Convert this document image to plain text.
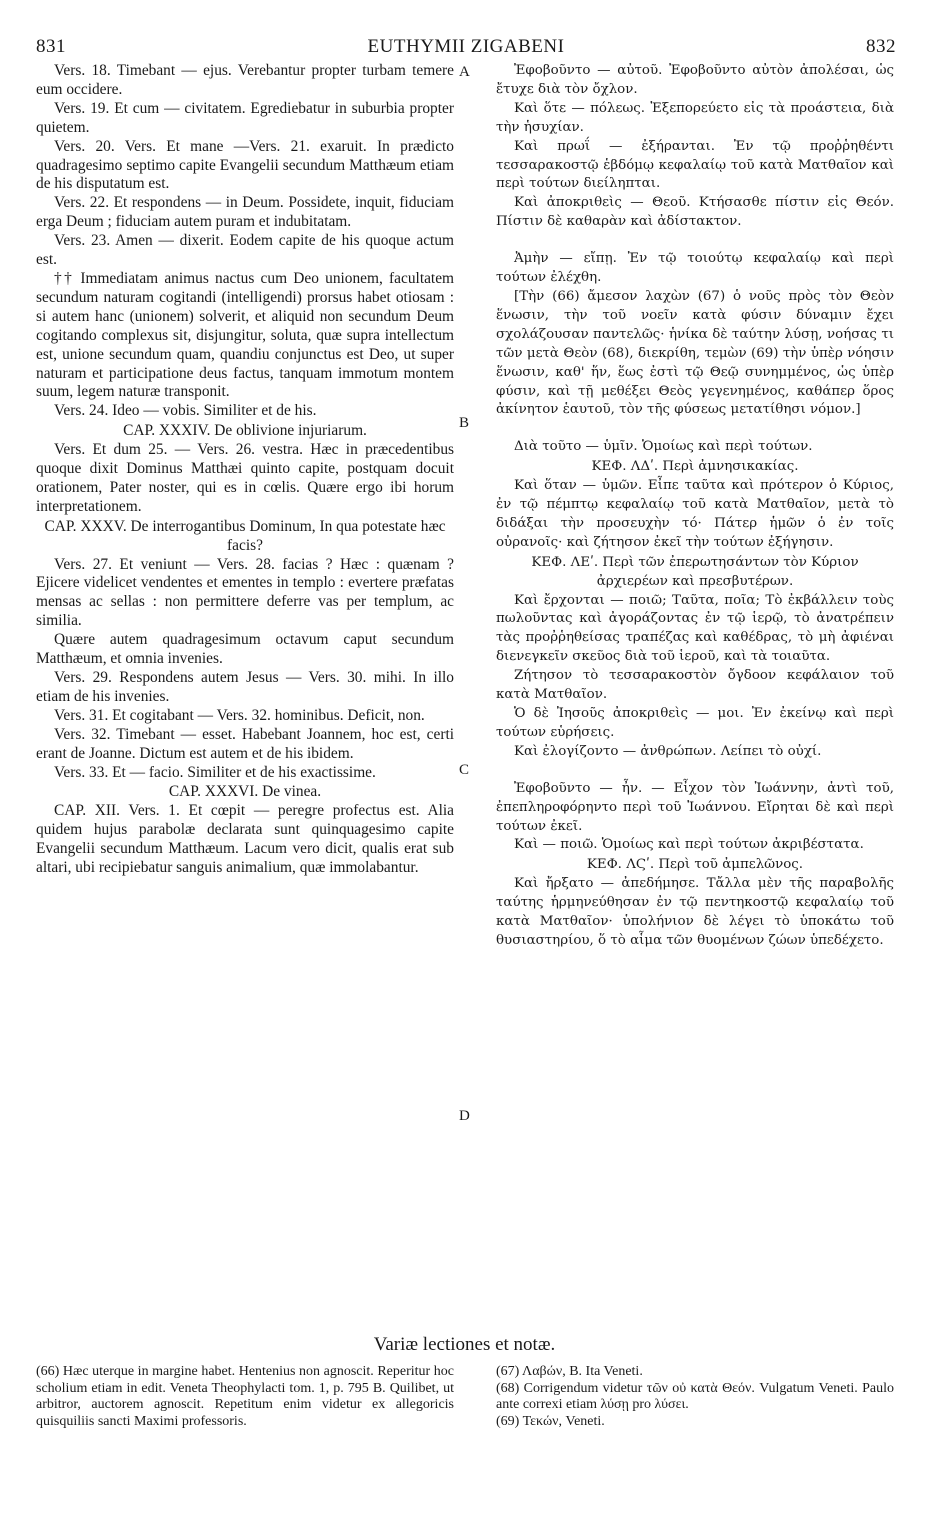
831	EUTHYMII ZIGABENI	832
A
B
C
D

Vers. 18. Timebant — ejus. Verebantur propter turbam temere eum occidere.

Vers. 19. Et cum — civitatem. Egrediebatur in suburbia propter quietem.

Vers. 20. Vers. Et mane —Vers. 21. exaruit. In prædicto quadragesimo septimo capite Evangelii secundum Matthæum etiam de his disputatum est.

Vers. 22. Et respondens — in Deum. Possidete, inquit, fiduciam erga Deum ; fiduciam autem puram et indubitatam.

Vers. 23. Amen — dixerit. Eodem capite de his quoque actum est.

†† Immediatam animus nactus cum Deo unionem, facultatem secundum naturam cogitandi (intelligendi) prorsus habet otiosam : si autem hanc (unionem) solverit, et aliquid non secundum Deum cogitando complexus sit, disjungitur, soluta, quæ supra intellectum est, unione secundum quam, quandiu conjunctus est Deo, ut super naturam et participatione deus factus, tanquam immotum montem suum, legem naturæ transponit.

Vers. 24. Ideo — vobis. Similiter et de his.

CAP. XXXIV. De oblivione injuriarum.

Vers. Et dum 25. — Vers. 26. vestra. Hæc in præcedentibus quoque dixit Dominus Matthæi quinto capite, postquam docuit orationem, Pater noster, qui es in cœlis. Quære ergo ibi horum interpretationem.

CAP. XXXV. De interrogantibus Dominum, In qua potestate hæc facis?

Vers. 27. Et veniunt — Vers. 28. facias ? Hæc : quænam ? Ejicere videlicet vendentes et ementes in templo : evertere præfatas mensas ac sellas : non permittere deferre vas per templum, ac similia.

Quære autem quadragesimum octavum caput secundum Matthæum, et omnia invenies.

Vers. 29. Respondens autem Jesus — Vers. 30. mihi. In illo etiam de his invenies.

Vers. 31. Et cogitabant — Vers. 32. hominibus. Deficit, non.

Vers. 32. Timebant — esset. Habebant Joannem, hoc est, certi erant de Joanne. Dictum est autem et de his ibidem.

Vers. 33. Et — facio. Similiter et de his exactissime.

CAP. XXXVI. De vinea.

CAP. XII. Vers. 1. Et cœpit — peregre profectus est. Alia quidem hujus parabolæ declarata sunt quinquagesimo capite Evangelii secundum Matthæum. Lacum vero dicit, qualis erat sub altari, ubi recipiebatur sanguis animalium, quæ immolabantur.

Ἐφοβοῦντο — αὐτοῦ. Ἐφοβοῦντο αὐτὸν ἀπολέσαι, ὡς ἔτυχε διὰ τὸν ὄχλον.

Καὶ ὅτε — πόλεως. Ἐξεπορεύετο εἰς τὰ προάστεια, διὰ τὴν ἡσυχίαν.

Καὶ πρωΐ — ἐξήρανται. Ἐν τῷ προῤῥηθέντι τεσσαρακοστῷ ἑβδόμῳ κεφαλαίῳ τοῦ κατὰ Ματθαῖον καὶ περὶ τούτων διείληπται.

Καὶ ἀποκριθεὶς — Θεοῦ. Κτήσασθε πίστιν εἰς Θεόν. Πίστιν δὲ καθαρὰν καὶ ἀδίστακτον.

Ἀμὴν — εἴπῃ. Ἐν τῷ τοιούτῳ κεφαλαίῳ καὶ περὶ τούτων ἐλέχθη.

[Τὴν (66) ἄμεσον λαχὼν (67) ὁ νοῦς πρὸς τὸν Θεὸν ἕνωσιν, τὴν τοῦ νοεῖν κατὰ φύσιν δύναμιν ἔχει σχολάζουσαν παντελῶς· ἡνίκα δὲ ταύτην λύσῃ, νοήσας τι τῶν μετὰ Θεὸν (68), διεκρίθη, τεμὼν (69) τὴν ὑπὲρ νόησιν ἕνωσιν, καθ' ἥν, ἕως ἐστὶ τῷ Θεῷ συνημμένος, ὡς ὑπὲρ φύσιν, καὶ τῇ μεθέξει Θεὸς γεγενημένος, καθάπερ ὅρος ἀκίνητον ἑαυτοῦ, τὸν τῆς φύσεως μετατίθησι νόμον.]

Διὰ τοῦτο — ὑμῖν. Ὁμοίως καὶ περὶ τούτων.

ΚΕΦ. ΛΔʹ. Περὶ ἀμνησικακίας.

Καὶ ὅταν — ὑμῶν. Εἶπε ταῦτα καὶ πρότερον ὁ Κύριος, ἐν τῷ πέμπτῳ κεφαλαίῳ τοῦ κατὰ Ματθαῖον, μετὰ τὸ διδάξαι τὴν προσευχὴν τό· Πάτερ ἡμῶν ὁ ἐν τοῖς οὐρανοῖς· καὶ ζήτησον ἐκεῖ τὴν τούτων ἐξήγησιν.

ΚΕΦ. ΛΕʹ. Περὶ τῶν ἐπερωτησάντων τὸν Κύριον ἀρχιερέων καὶ πρεσβυτέρων.

Καὶ ἔρχονται — ποιῶ; Ταῦτα, ποῖα; Τὸ ἐκβάλλειν τοὺς πωλοῦντας καὶ ἀγοράζοντας ἐν τῷ ἱερῷ, τὸ ἀνατρέπειν τὰς προῤῥηθείσας τραπέζας καὶ καθέδρας, τὸ μὴ ἀφιέναι διενεγκεῖν σκεῦος διὰ τοῦ ἱεροῦ, καὶ τὰ τοιαῦτα.

Ζήτησον τὸ τεσσαρακοστὸν ὄγδοον κεφάλαιον τοῦ κατὰ Ματθαῖον.

Ὁ δὲ Ἰησοῦς ἀποκριθεὶς — μοι. Ἐν ἐκείνῳ καὶ περὶ τούτων εὑρήσεις.

Καὶ ἐλογίζοντο — ἀνθρώπων. Λείπει τὸ οὐχί.

Ἐφοβοῦντο — ἦν. — Εἶχον τὸν Ἰωάννην, ἀντὶ τοῦ, ἐπεπληροφόρηντο περὶ τοῦ Ἰωάννου. Εἴρηται δὲ καὶ περὶ τούτων ἐκεῖ.

Καὶ — ποιῶ. Ὁμοίως καὶ περὶ τούτων ἀκριβέστατα.

ΚΕΦ. ΛϚʹ. Περὶ τοῦ ἀμπελῶνος.

Καὶ ἤρξατο — ἀπεδήμησε. Τἄλλα μὲν τῆς παραβολῆς ταύτης ἡρμηνεύθησαν ἐν τῷ πεντηκοστῷ κεφαλαίῳ τοῦ κατὰ Ματθαῖον· ὑπολήνιον δὲ λέγει τὸ ὑποκάτω τοῦ θυσιαστηρίου, ὅ τὸ αἷμα τῶν θυομένων ζώων ὑπεδέχετο.

Variæ lectiones et notæ.

(66) Hæc uterque in margine habet. Hentenius non agnoscit. Reperitur hoc scholium etiam in edit. Veneta Theophylacti tom. 1, p. 795 B. Quilibet, ut arbitror, auctorem agnoscit. Repetitum enim videtur ex allegoricis quisquiliis sancti Maximi professoris.

(67) Λαβών, B. Ita Veneti.

(68) Corrigendum videtur τῶν οὐ κατὰ Θεόν. Vulgatum Veneti. Paulo ante correxi etiam λύσῃ pro λύσει.

(69) Τεκών, Veneti.
